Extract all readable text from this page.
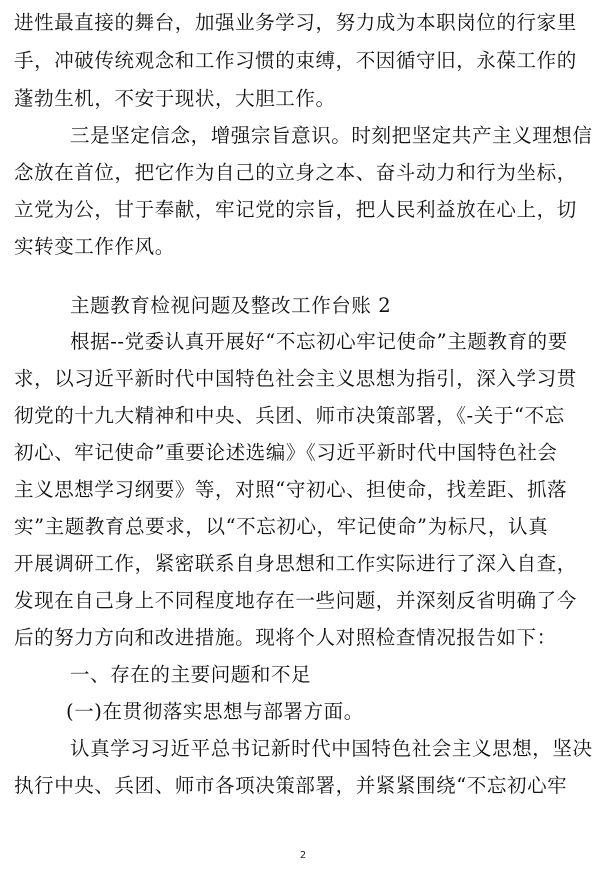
进性最直接的舞台，加强业务学习，努力成为本职岗位的行家里
手，冲破传统观念和工作习惯的束缚，不因循守旧，永葆工作的
蓬勃生机，不安于现状，大胆工作。
三是坚定信念，增强宗旨意识。时刻把坚定共产主义理想信
念放在首位，把它作为自己的立身之本、奋斗动力和行为坐标，
立党为公，甘于奉献，牢记党的宗旨，把人民利益放在心上，切
实转变工作作风。
主题教育检视问题及整改工作台账 2
根据--党委认真开展好“不忘初心牢记使命”主题教育的要
求，以习近平新时代中国特色社会主义思想为指引，深入学习贯
彻党的十九大精神和中央、兵团、师市决策部署，《-关于“不忘
初心、牢记使命”重要论述选编》《习近平新时代中国特色社会
主义思想学习纲要》等，对照“守初心、担使命，找差距、抓落
实”主题教育总要求，以“不忘初心，牢记使命”为标尺，认真
开展调研工作，紧密联系自身思想和工作实际进行了深入自查，
发现在自己身上不同程度地存在一些问题，并深刻反省明确了今
后的努力方向和改进措施。现将个人对照检查情况报告如下：
一、存在的主要问题和不足
(一)在贯彻落实思想与部署方面。
认真学习习近平总书记新时代中国特色社会主义思想，坚决
执行中央、兵团、师市各项决策部署，并紧紧围绕“不忘初心牢
2
